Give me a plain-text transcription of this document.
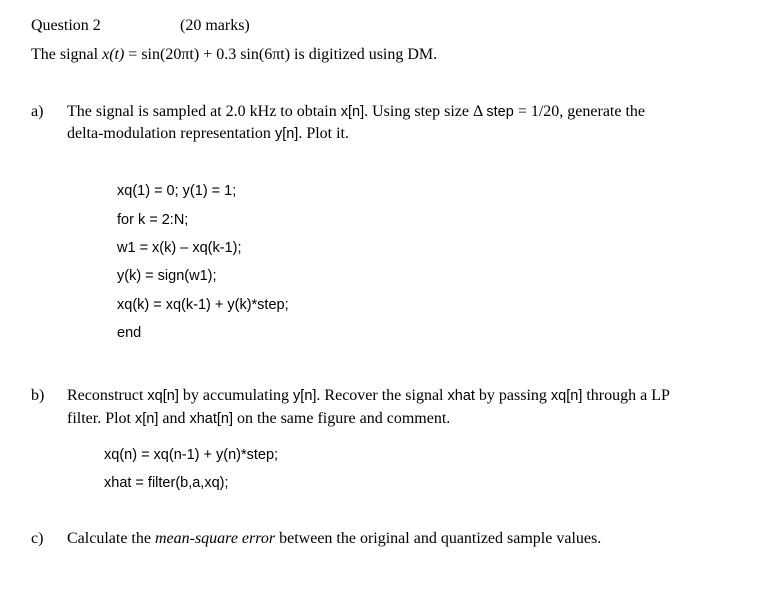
Question 2	(20 marks)
The signal x(t) = sin(20πt) + 0.3 sin(6πt) is digitized using DM.
a) The signal is sampled at 2.0 kHz to obtain x[n]. Using step size Δ step = 1/20, generate the
delta-modulation representation y[n]. Plot it.
xq(1) = 0; y(1) = 1;
for k = 2:N;
w1 = x(k) – xq(k-1);
y(k) = sign(w1);
xq(k) = xq(k-1) + y(k)*step;
end
b) Reconstruct xq[n] by accumulating y[n]. Recover the signal xhat by passing xq[n] through a LP
filter. Plot x[n] and xhat[n] on the same figure and comment.
xq(n) = xq(n-1) + y(n)*step;
xhat = filter(b,a,xq);
c) Calculate the mean-square error between the original and quantized sample values.
